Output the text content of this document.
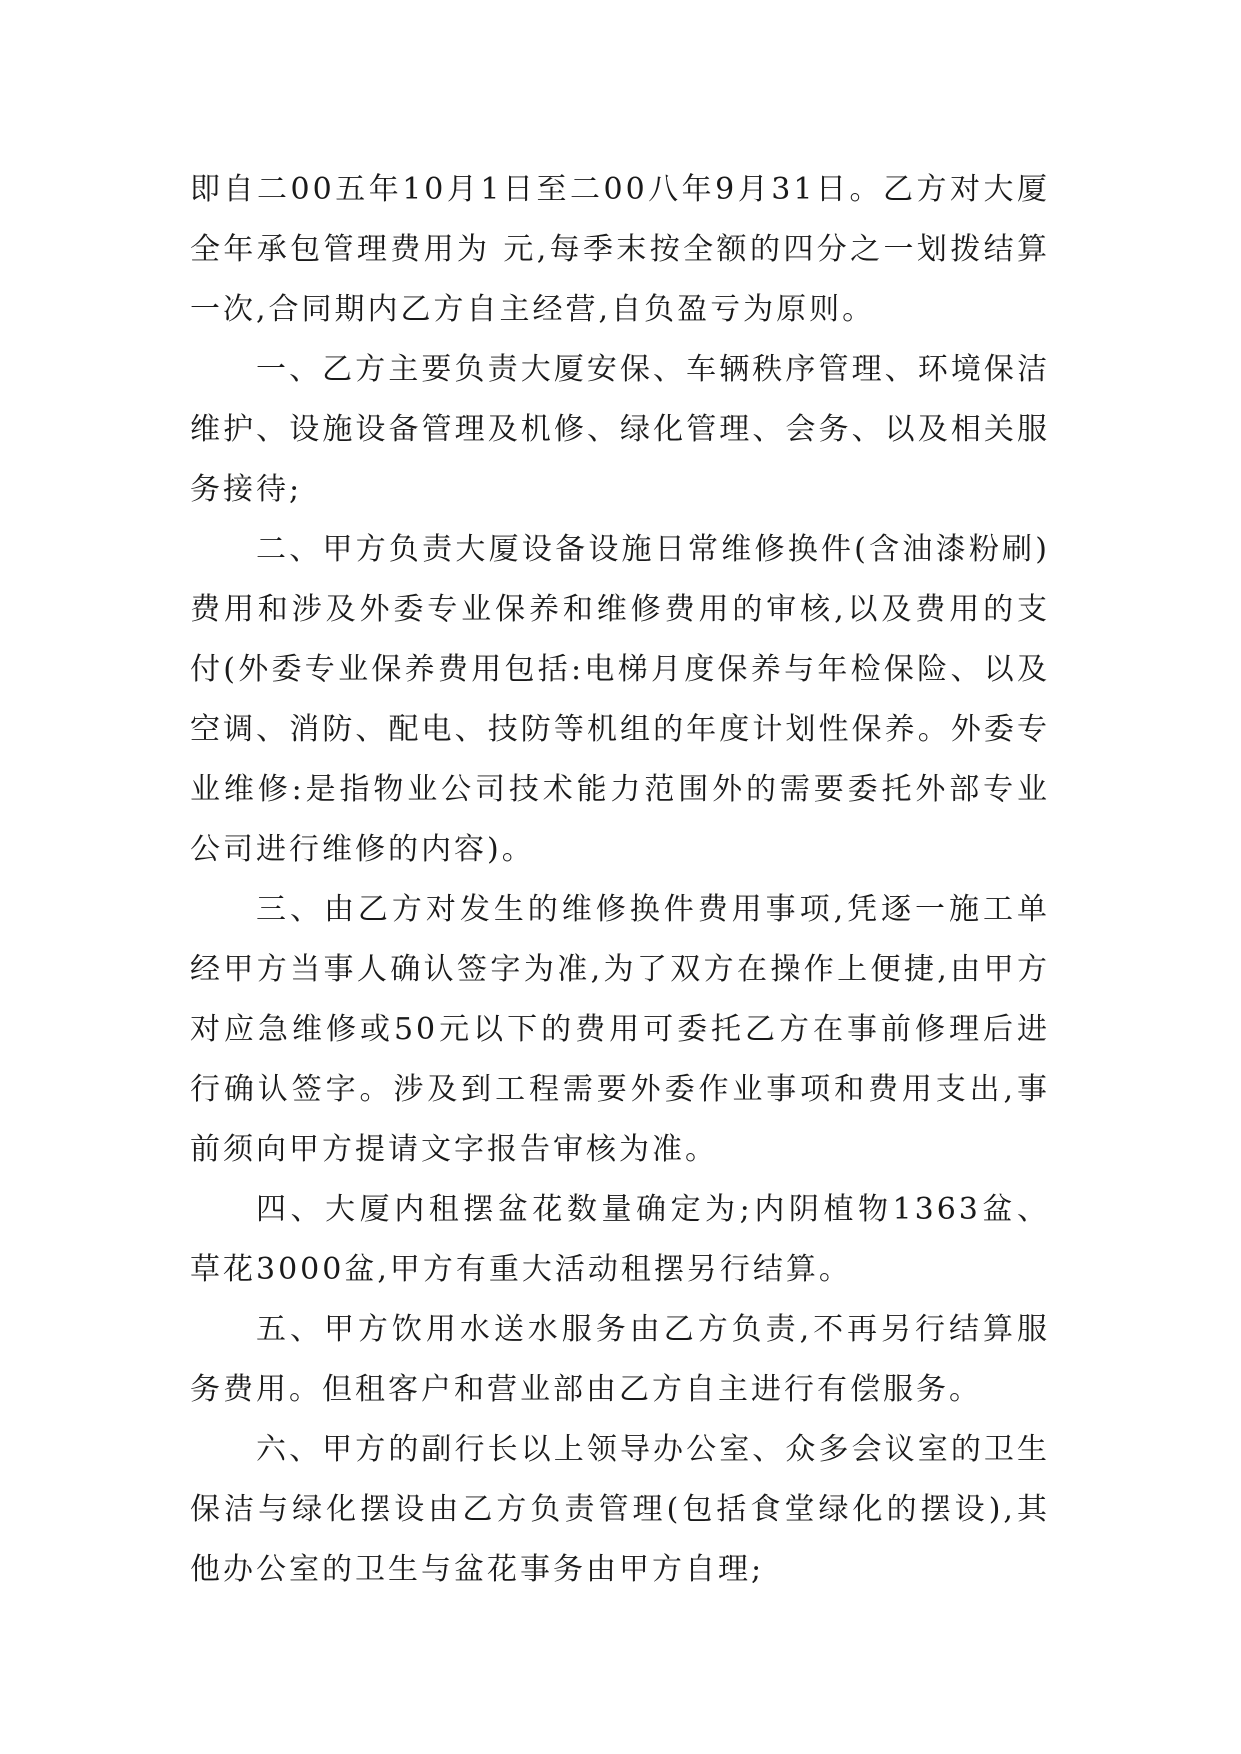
即自二00五年10月1日至二00八年9月31日。乙方对大厦全年承包管理费用为 元,每季末按全额的四分之一划拨结算一次,合同期内乙方自主经营,自负盈亏为原则。

一、乙方主要负责大厦安保、车辆秩序管理、环境保洁维护、设施设备管理及机修、绿化管理、会务、以及相关服务接待;

二、甲方负责大厦设备设施日常维修换件(含油漆粉刷)费用和涉及外委专业保养和维修费用的审核,以及费用的支付(外委专业保养费用包括:电梯月度保养与年检保险、以及空调、消防、配电、技防等机组的年度计划性保养。外委专业维修:是指物业公司技术能力范围外的需要委托外部专业公司进行维修的内容)。

三、由乙方对发生的维修换件费用事项,凭逐一施工单经甲方当事人确认签字为准,为了双方在操作上便捷,由甲方对应急维修或50元以下的费用可委托乙方在事前修理后进行确认签字。涉及到工程需要外委作业事项和费用支出,事前须向甲方提请文字报告审核为准。

四、大厦内租摆盆花数量确定为;内阴植物1363盆、草花3000盆,甲方有重大活动租摆另行结算。

五、甲方饮用水送水服务由乙方负责,不再另行结算服务费用。但租客户和营业部由乙方自主进行有偿服务。

六、甲方的副行长以上领导办公室、众多会议室的卫生保洁与绿化摆设由乙方负责管理(包括食堂绿化的摆设),其他办公室的卫生与盆花事务由甲方自理;
